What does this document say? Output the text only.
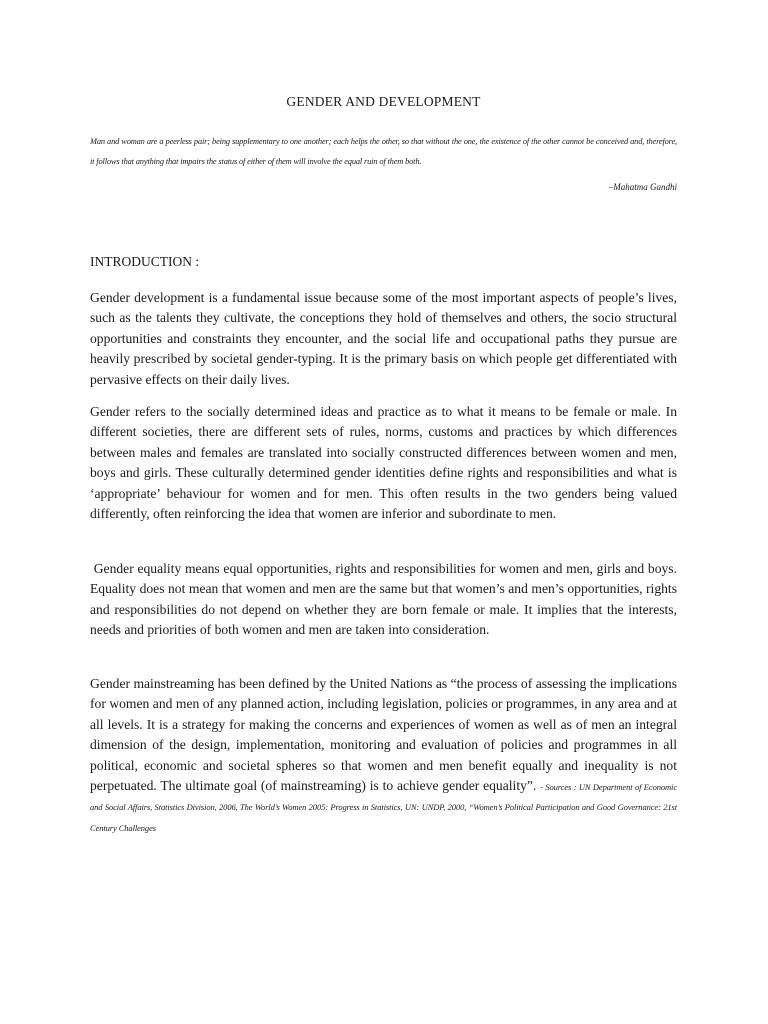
GENDER AND DEVELOPMENT
Man and woman are a peerless pair; being supplementary to one another; each helps the other, so that without the one, the existence of the other cannot be conceived and, therefore, it follows that anything that impairs the status of either of them will involve the equal ruin of them both.
–Mahatma Gandhi
INTRODUCTION :

Gender development is a fundamental issue because some of the most important aspects of people’s lives, such as the talents they cultivate, the conceptions they hold of themselves and others, the socio structural opportunities and constraints they encounter, and the social life and occupational paths they pursue are heavily prescribed by societal gender-typing. It is the primary basis on which people get differentiated with pervasive effects on their daily lives.

Gender refers to the socially determined ideas and practice as to what it means to be female or male. In different societies, there are different sets of rules, norms, customs and practices by which differences between males and females are translated into socially constructed differences between women and men, boys and girls. These culturally determined gender identities define rights and responsibilities and what is ‘appropriate’ behaviour for women and for men. This often results in the two genders being valued differently, often reinforcing the idea that women are inferior and subordinate to men.

Gender equality means equal opportunities, rights and responsibilities for women and men, girls and boys. Equality does not mean that women and men are the same but that women’s and men’s opportunities, rights and responsibilities do not depend on whether they are born female or male. It implies that the interests, needs and priorities of both women and men are taken into consideration.

Gender mainstreaming has been defined by the United Nations as “the process of assessing the implications for women and men of any planned action, including legislation, policies or programmes, in any area and at all levels. It is a strategy for making the concerns and experiences of women as well as of men an integral dimension of the design, implementation, monitoring and evaluation of policies and programmes in all political, economic and societal spheres so that women and men benefit equally and inequality is not perpetuated. The ultimate goal (of mainstreaming) is to achieve gender equality”. - Sources : UN Department of Economic and Social Affairs, Statistics Division, 2006, The World’s Women 2005: Progress in Statistics, UN: UNDP, 2000, “Women’s Political Participation and Good Governance: 21st Century Challenges
